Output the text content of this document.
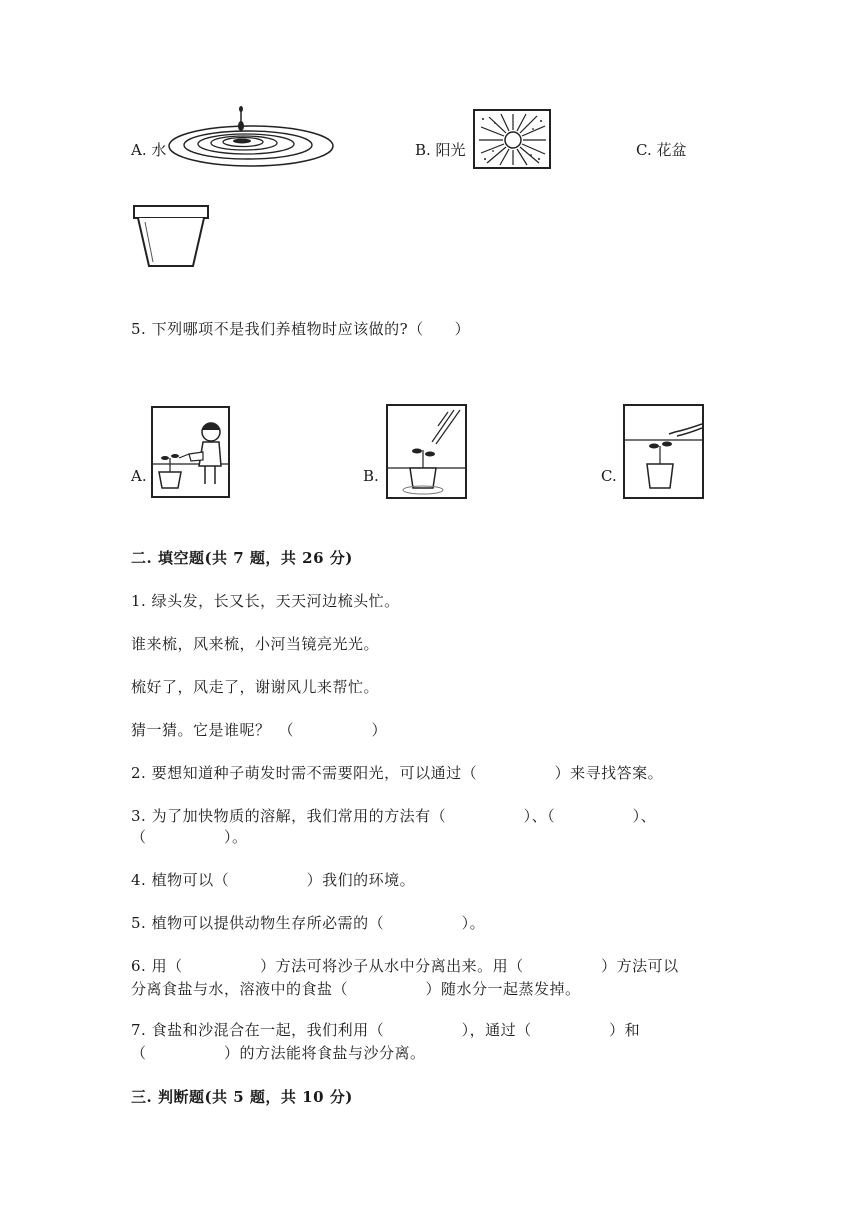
A. 水	B. 阳光	C. 花盆
5. 下列哪项不是我们养植物时应该做的?（　　）
A.	B.	C.
二. 填空题(共 7 题，共 26 分)
1. 绿头发，长又长，天天河边梳头忙。
谁来梳，风来梳，小河当镜亮光光。
梳好了，风走了，谢谢风儿来帮忙。
猜一猜。它是谁呢？　（　　　　　）
2. 要想知道种子萌发时需不需要阳光，可以通过（　　　　　）来寻找答案。
3. 为了加快物质的溶解，我们常用的方法有（　　　　　）、（　　　　　）、
（　　　　　）。
4. 植物可以（　　　　　）我们的环境。
5. 植物可以提供动物生存所必需的（　　　　　）。
6. 用（　　　　　）方法可将沙子从水中分离出来。用（　　　　　）方法可以
分离食盐与水，溶液中的食盐（　　　　　）随水分一起蒸发掉。
7. 食盐和沙混合在一起，我们利用（　　　　　），通过（　　　　　）和
（　　　　　）的方法能将食盐与沙分离。
三. 判断题(共 5 题，共 10 分)
